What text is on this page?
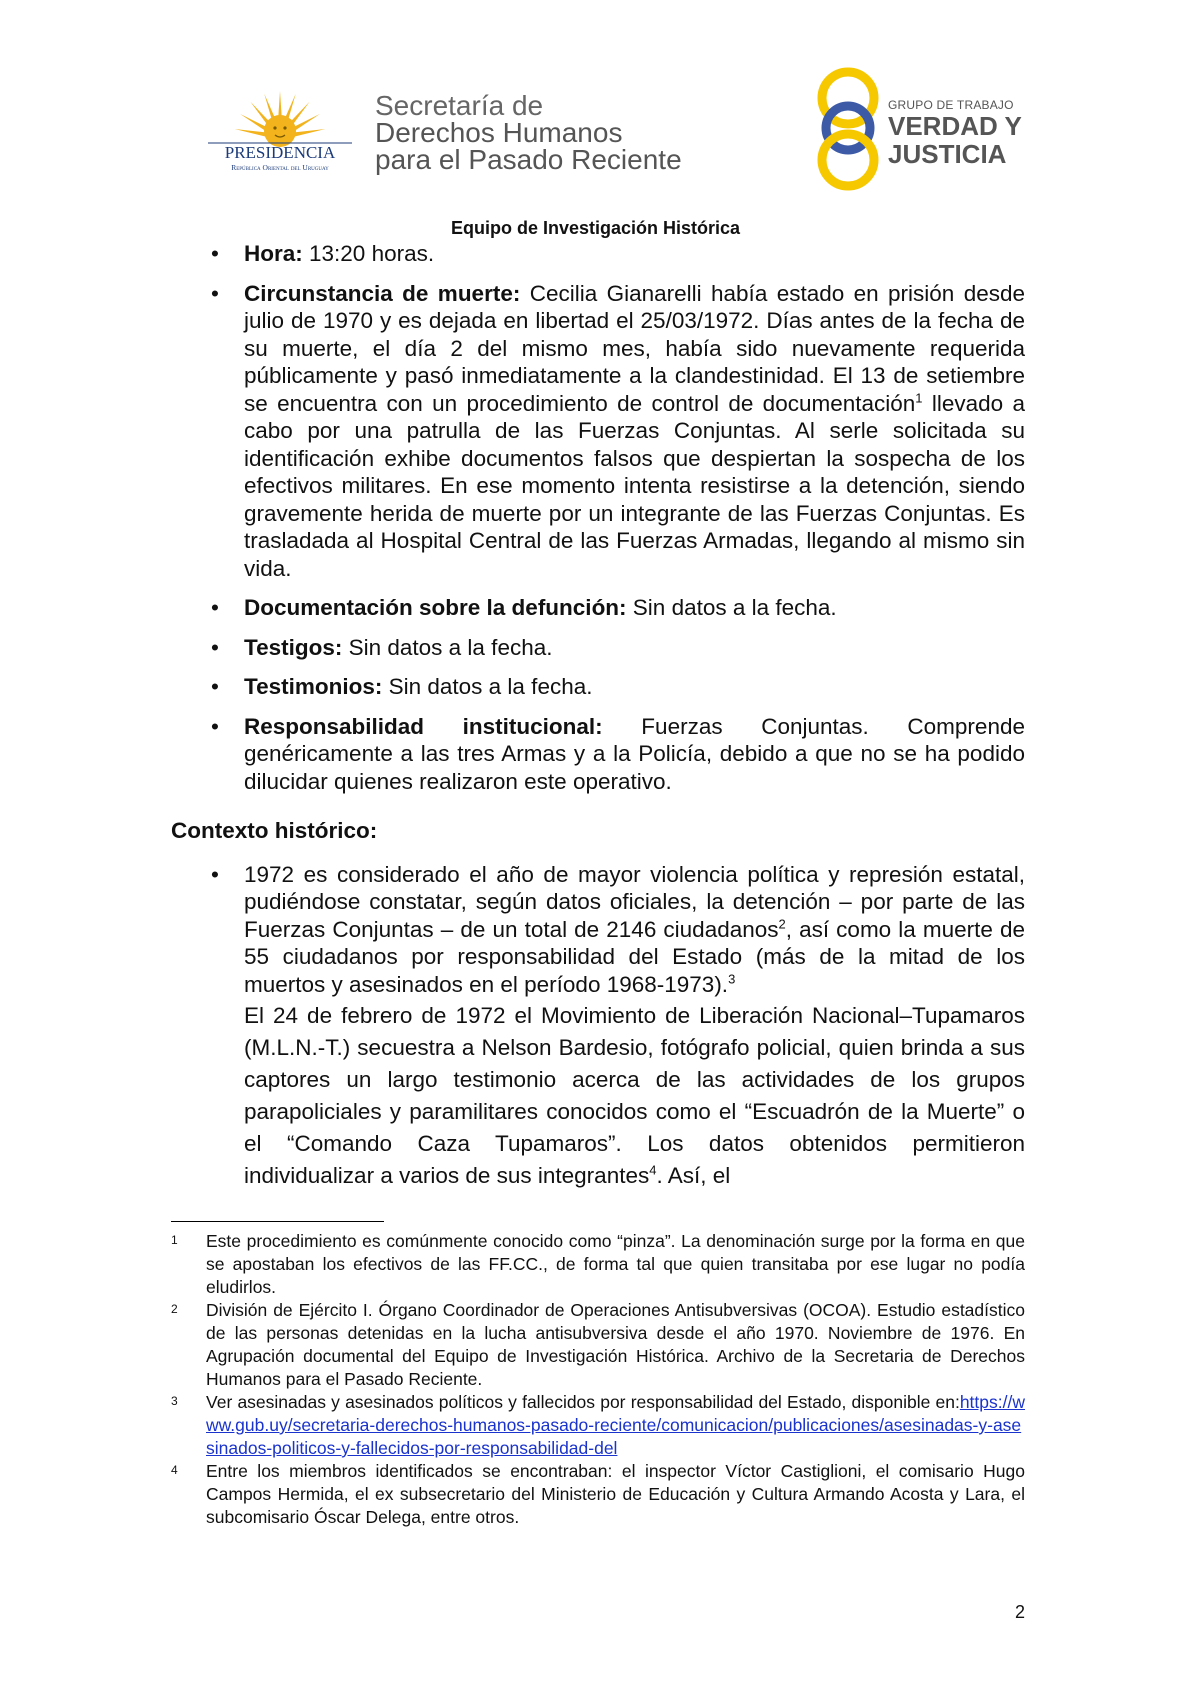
PRESIDENCIA
República Oriental del Uruguay
Secretaría de
Derechos Humanos
para el Pasado Reciente
GRUPO DE TRABAJO
VERDAD Y
JUSTICIA
Equipo de Investigación Histórica
• Hora: 13:20 horas.
• Circunstancia de muerte: Cecilia Gianarelli había estado en prisión desde julio de 1970 y es dejada en libertad el 25/03/1972. Días antes de la fecha de su muerte, el día 2 del mismo mes, había sido nuevamente requerida públicamente y pasó inmediatamente a la clandestinidad. El 13 de setiembre se encuentra con un procedimiento de control de documentación$^1$ llevado a cabo por una patrulla de las Fuerzas Conjuntas. Al serle solicitada su identificación exhibe documentos falsos que despiertan la sospecha de los efectivos militares. En ese momento intenta resistirse a la detención, siendo gravemente herida de muerte por un integrante de las Fuerzas Conjuntas. Es trasladada al Hospital Central de las Fuerzas Armadas, llegando al mismo sin vida.
• Documentación sobre la defunción: Sin datos a la fecha.
• Testigos: Sin datos a la fecha.
• Testimonios: Sin datos a la fecha.
• Responsabilidad institucional: Fuerzas Conjuntas. Comprende genéricamente a las tres Armas y a la Policía, debido a que no se ha podido dilucidar quienes realizaron este operativo.
Contexto histórico:
• 1972 es considerado el año de mayor violencia política y represión estatal, pudiéndose constatar, según datos oficiales, la detención – por parte de las Fuerzas Conjuntas – de un total de 2146 ciudadanos$^2$, así como la muerte de 55 ciudadanos por responsabilidad del Estado (más de la mitad de los muertos y asesinados en el período 1968-1973).$^3$
El 24 de febrero de 1972 el Movimiento de Liberación Nacional–Tupamaros (M.L.N.-T.) secuestra a Nelson Bardesio, fotógrafo policial, quien brinda a sus captores un largo testimonio acerca de las actividades de los grupos parapoliciales y paramilitares conocidos como el “Escuadrón de la Muerte” o el “Comando Caza Tupamaros”. Los datos obtenidos permitieron individualizar a varios de sus integrantes$^4$. Así, el
1	Este procedimiento es comúnmente conocido como “pinza”. La denominación surge por la forma en que se apostaban los efectivos de las FF.CC., de forma tal que quien transitaba por ese lugar no podía eludirlos.
2	División de Ejército I. Órgano Coordinador de Operaciones Antisubversivas (OCOA). Estudio estadístico de las personas detenidas en la lucha antisubversiva desde el año 1970. Noviembre de 1976. En Agrupación documental del Equipo de Investigación Histórica. Archivo de la Secretaria de Derechos Humanos para el Pasado Reciente.
3	Ver asesinadas y asesinados políticos y fallecidos por responsabilidad del Estado, disponible en:https://www.gub.uy/secretaria-derechos-humanos-pasado-reciente/comunicacion/publicaciones/asesinadas-y-asesinados-politicos-y-fallecidos-por-responsabilidad-del
4	Entre los miembros identificados se encontraban: el inspector Víctor Castiglioni, el comisario Hugo Campos Hermida, el ex subsecretario del Ministerio de Educación y Cultura Armando Acosta y Lara, el subcomisario Óscar Delega, entre otros.
2
